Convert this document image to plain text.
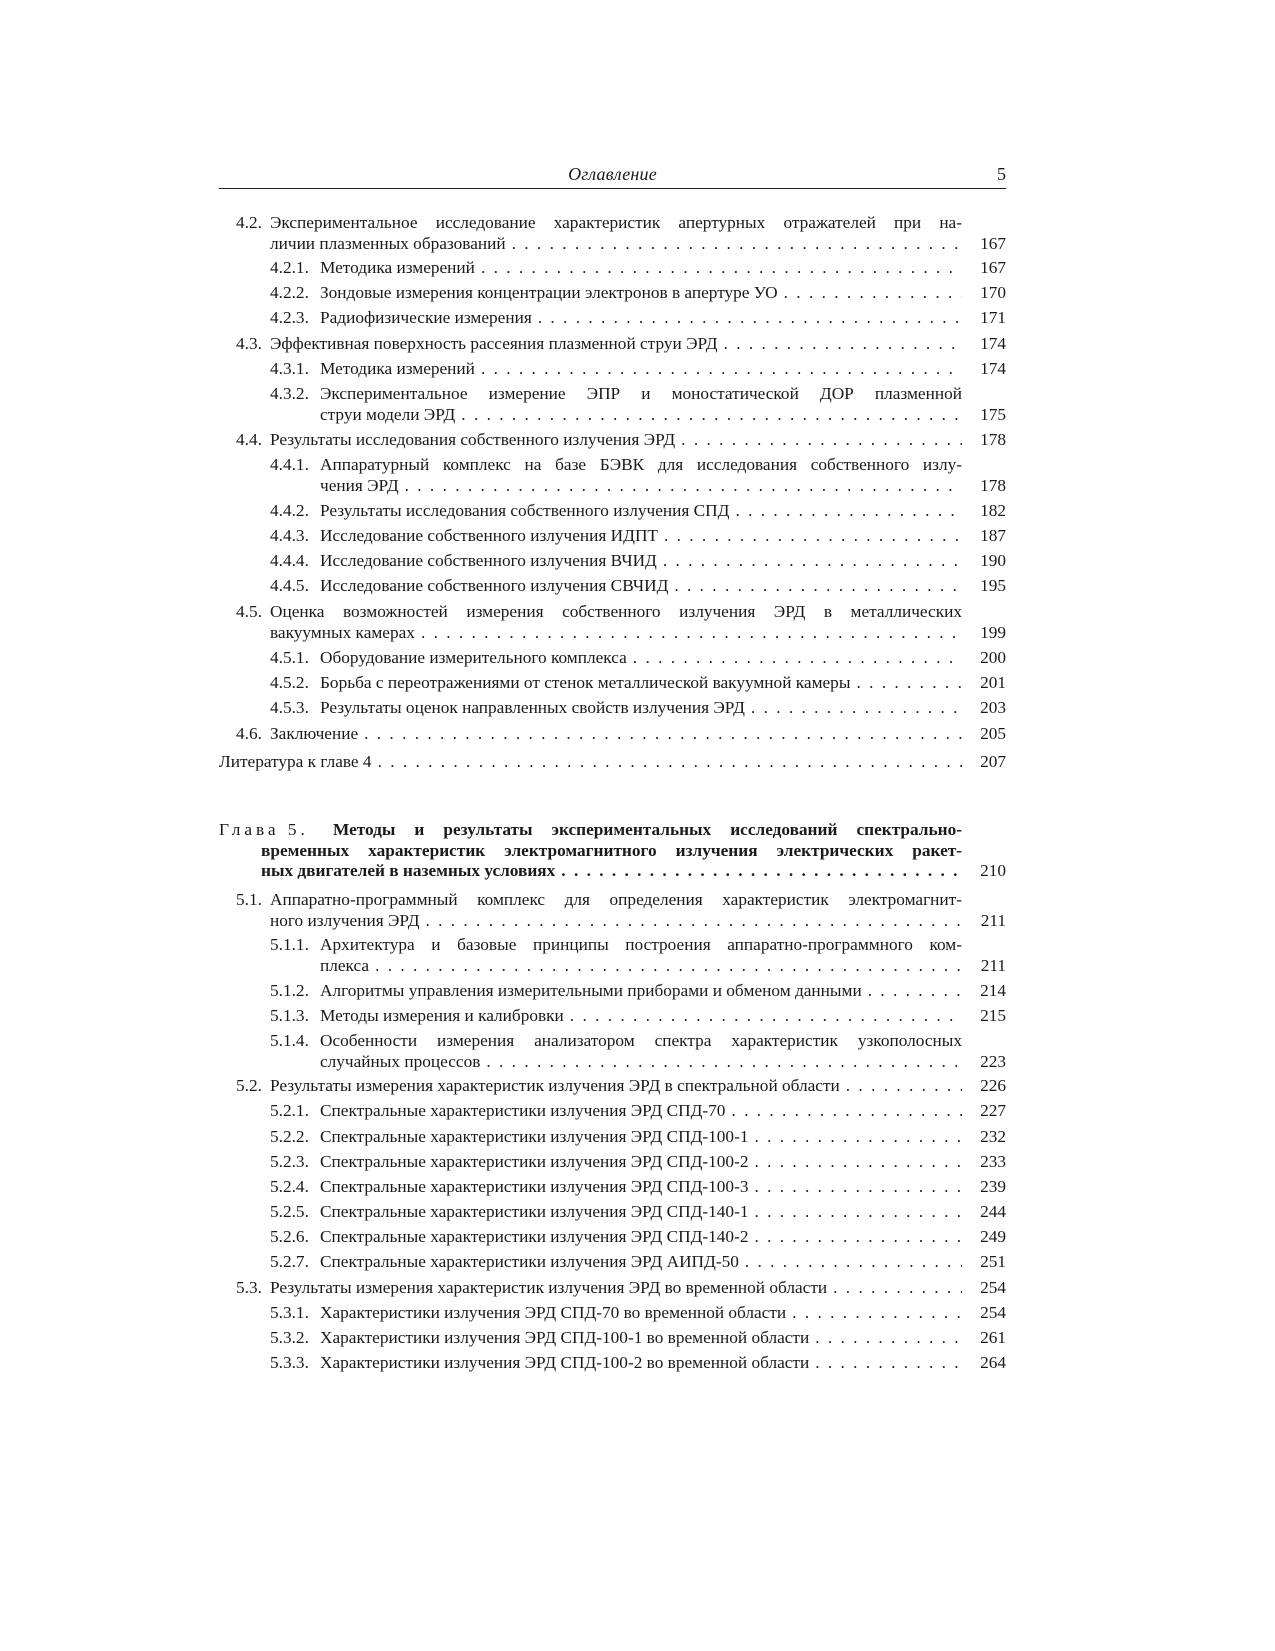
Оглавление	5
4.2. Экспериментальное исследование характеристик апертурных отражателей при на-
личии плазменных образований . . .	167
4.2.1. Методика измерений . . .	167
4.2.2. Зондовые измерения концентрации электронов в апертуре УО . . .	170
4.2.3. Радиофизические измерения . . .	171
4.3. Эффективная поверхность рассеяния плазменной струи ЭРД . . .	174
4.3.1. Методика измерений . . .	174
4.3.2. Экспериментальное измерение ЭПР и моностатической ДОР плазменной
струи модели ЭРД . . .	175
4.4. Результаты исследования собственного излучения ЭРД . . .	178
4.4.1. Аппаратурный комплекс на базе БЭВК для исследования собственного излу-
чения ЭРД . . .	178
4.4.2. Результаты исследования собственного излучения СПД . . .	182
4.4.3. Исследование собственного излучения ИДПТ . . .	187
4.4.4. Исследование собственного излучения ВЧИД . . .	190
4.4.5. Исследование собственного излучения СВЧИД . . .	195
4.5. Оценка возможностей измерения собственного излучения ЭРД в металлических
вакуумных камерах . . .	199
4.5.1. Оборудование измерительного комплекса . . .	200
4.5.2. Борьба с переотражениями от стенок металлической вакуумной камеры . . .	201
4.5.3. Результаты оценок направленных свойств излучения ЭРД . . .	203
4.6. Заключение . . .	205
Литература к главе 4 . . .	207
Глава 5. Методы и результаты экспериментальных исследований спектрально-
временных характеристик электромагнитного излучения электрических ракет-
ных двигателей в наземных условиях . . .	210
5.1. Аппаратно-программный комплекс для определения характеристик электромагнит-
ного излучения ЭРД . . .	211
5.1.1. Архитектура и базовые принципы построения аппаратно-программного ком-
плекса . . .	211
5.1.2. Алгоритмы управления измерительными приборами и обменом данными . . .	214
5.1.3. Методы измерения и калибровки . . .	215
5.1.4. Особенности измерения анализатором спектра характеристик узкополосных
случайных процессов . . .	223
5.2. Результаты измерения характеристик излучения ЭРД в спектральной области . . .	226
5.2.1. Спектральные характеристики излучения ЭРД СПД-70 . . .	227
5.2.2. Спектральные характеристики излучения ЭРД СПД-100-1 . . .	232
5.2.3. Спектральные характеристики излучения ЭРД СПД-100-2 . . .	233
5.2.4. Спектральные характеристики излучения ЭРД СПД-100-3 . . .	239
5.2.5. Спектральные характеристики излучения ЭРД СПД-140-1 . . .	244
5.2.6. Спектральные характеристики излучения ЭРД СПД-140-2 . . .	249
5.2.7. Спектральные характеристики излучения ЭРД АИПД-50 . . .	251
5.3. Результаты измерения характеристик излучения ЭРД во временной области . . .	254
5.3.1. Характеристики излучения ЭРД СПД-70 во временной области . . .	254
5.3.2. Характеристики излучения ЭРД СПД-100-1 во временной области . . .	261
5.3.3. Характеристики излучения ЭРД СПД-100-2 во временной области . . .	264
